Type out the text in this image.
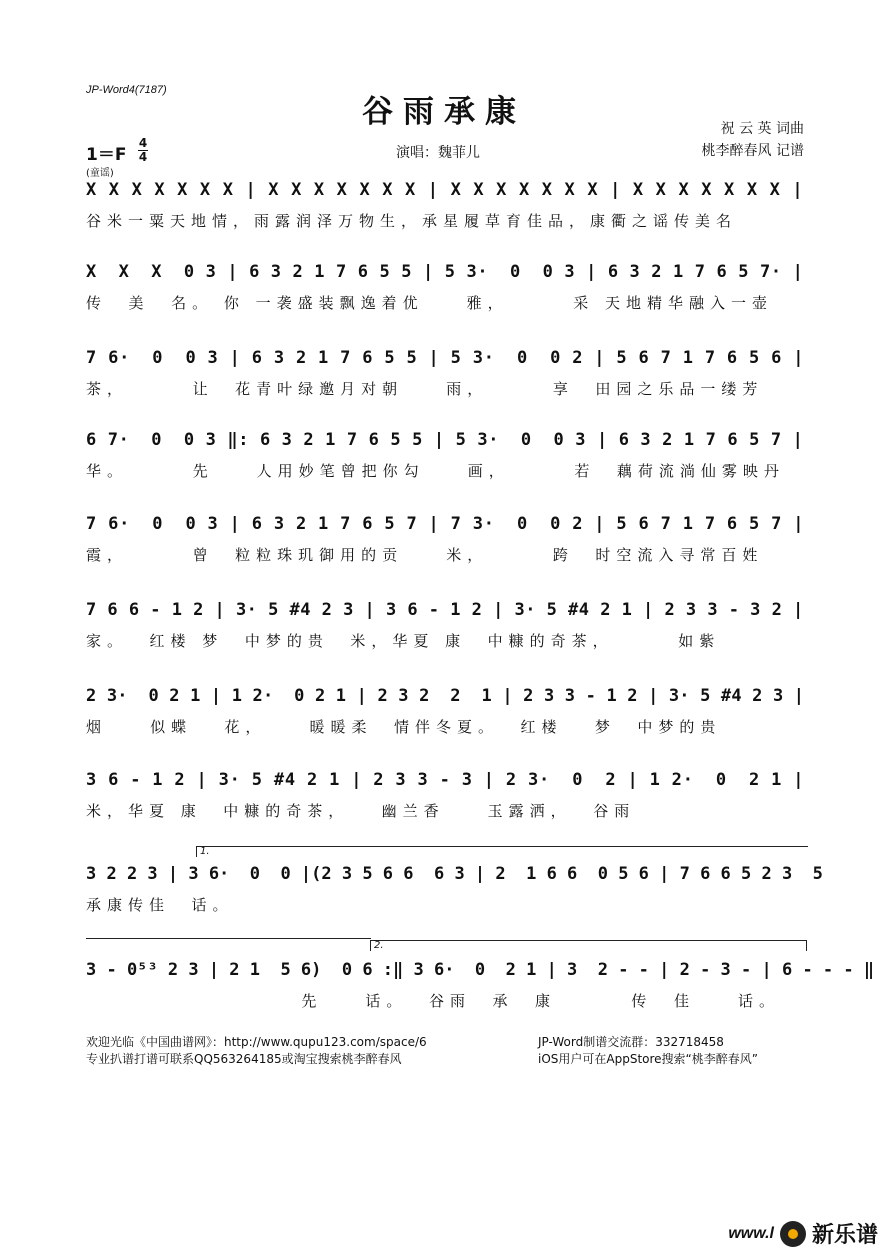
JP-Word4(7187)
谷雨承康	祝 云 英 词曲
桃李醉春风 记谱
演唱：魏菲儿
1＝F
4
4
(童谣)
X X X X X X X | X X X X X X X | X X X X X X X | X X X X X X X |
谷米一粟天地情，雨露润泽万物生，承星履草育佳品，康衢之谣传美名
X  X  X  0 3 | 6 3 2 1 7 6 5 5 | 5 3·  0  0 3 | 6 3 2 1 7 6 5 7· |
传  美  名。 你 一袭盛装飘逸着优    雅，      采 天地精华融入一壶
7 6·  0  0 3 | 6 3 2 1 7 6 5 5 | 5 3·  0  0 2 | 5 6 7 1 7 6 5 6 |
茶，      让  花青叶绿邀月对朝    雨，      享  田园之乐品一缕芳
6 7·  0  0 3 ‖: 6 3 2 1 7 6 5 5 | 5 3·  0  0 3 | 6 3 2 1 7 6 5 7 |
华。      先    人用妙笔曾把你勾    画，      若  藕荷流淌仙雾映丹
7 6·  0  0 3 | 6 3 2 1 7 6 5 7 | 7 3·  0  0 2 | 5 6 7 1 7 6 5 7 |
霞，      曾  粒粒珠玑御用的贡    米，      跨  时空流入寻常百姓
7 6 6 - 1 2 | 3· 5 #4 2 3 | 3 6 - 1 2 | 3· 5 #4 2 1 | 2 3 3 - 3 2 |
家。  红楼 梦  中梦的贵  米，华夏 康  中糠的奇茶，      如紫
2 3·  0 2 1 | 1 2·  0 2 1 | 2 3 2  2  1 | 2 3 3 - 1 2 | 3· 5 #4 2 3 |
烟    似蝶   花，    暖暖柔  情伴冬夏。  红楼   梦  中梦的贵
3 6 - 1 2 | 3· 5 #4 2 1 | 2 3 3 - 3 | 2 3·  0  2 | 1 2·  0  2 1 |
米，华夏 康  中糠的奇茶，   幽兰香    玉露洒，  谷雨
1.
3 2 2 3 | 3 6·  0  0 |(2 3 5 6 6  6 3 | 2  1 6 6  0 5 6 | 7 6 6 5 2 3  5
承康传佳  话。
2.
3 - 0⁵³ 2 3 | 2 1  5 6)  0 6 :‖ 3 6·  0  2 1 | 3  2 - - | 2 - 3 - | 6 - - - ‖
先    话。  谷雨  承  康       传  佳    话。
欢迎光临《中国曲谱网》：http://www.qupu123.com/space/6
专业扒谱打谱可联系QQ563264185或淘宝搜索桃李醉春风
JP-Word制谱交流群：332718458
iOS用户可在AppStore搜索“桃李醉春风”
www.l 新乐谱
